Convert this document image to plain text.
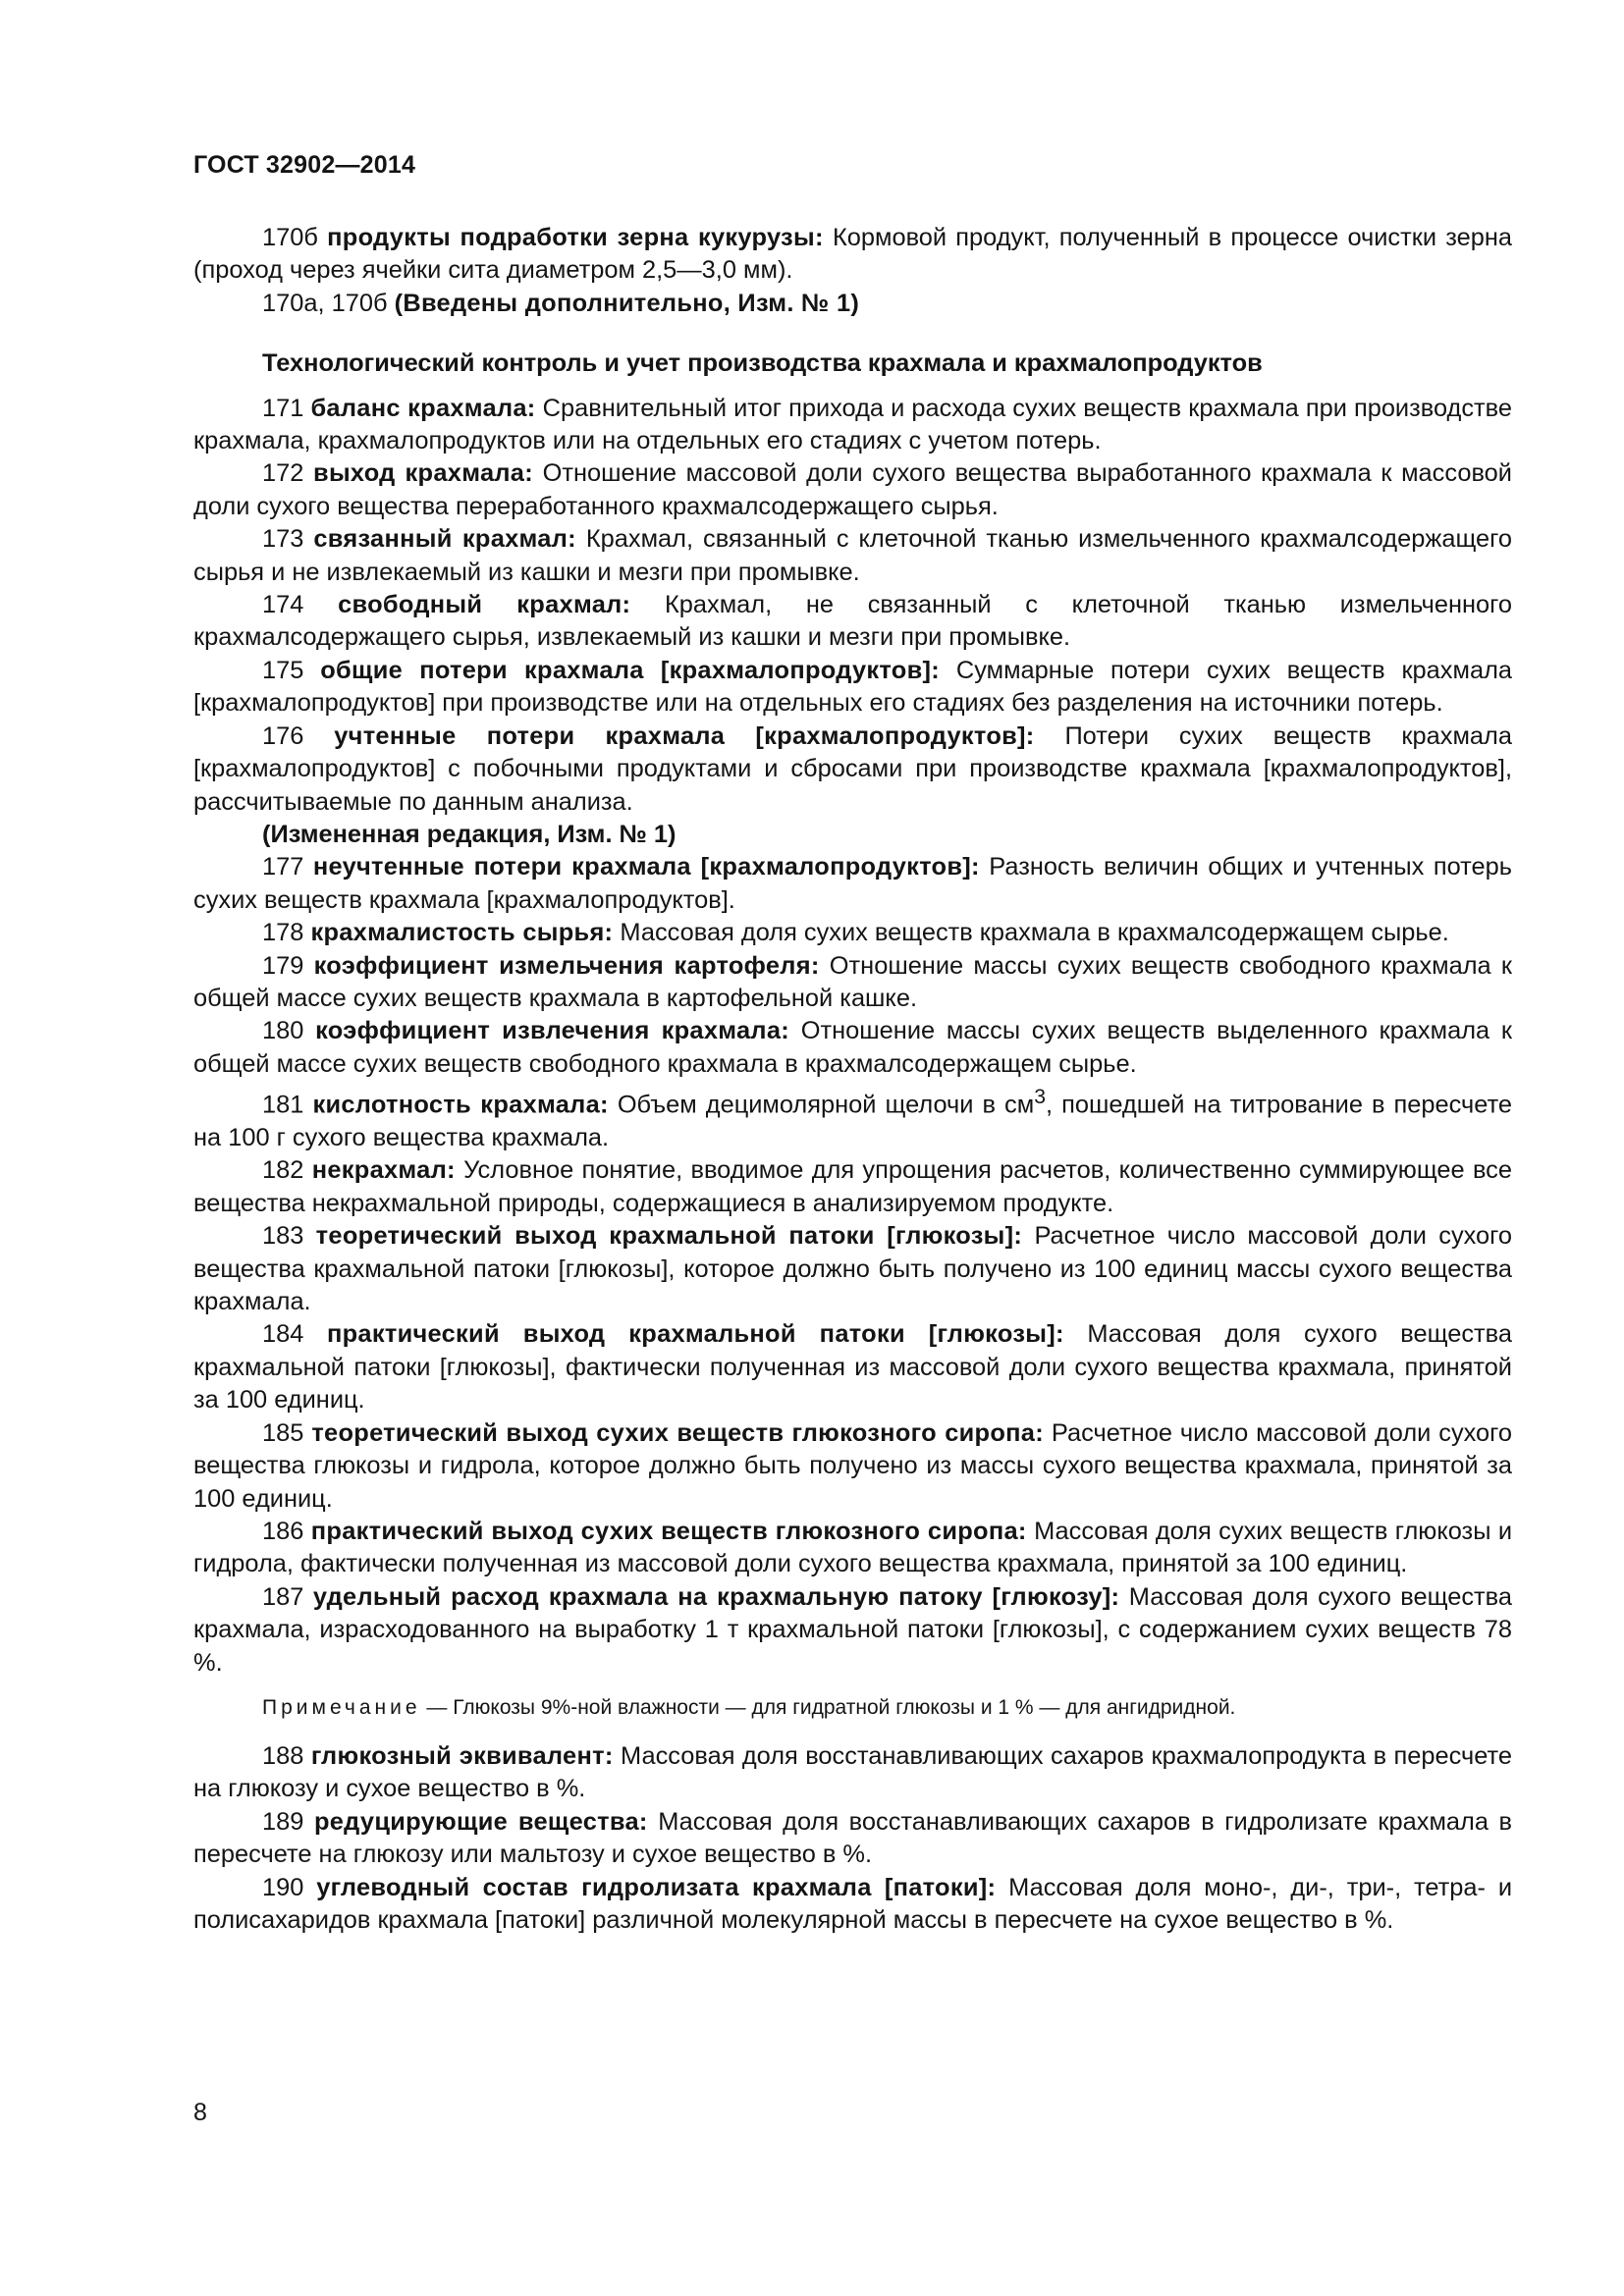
ГОСТ 32902—2014

170б продукты подработки зерна кукурузы: Кормовой продукт, полученный в процессе очистки зерна (проход через ячейки сита диаметром 2,5—3,0 мм).

170а, 170б (Введены дополнительно, Изм. № 1)

Технологический контроль и учет производства крахмала и крахмалопродуктов

171 баланс крахмала: Сравнительный итог прихода и расхода сухих веществ крахмала при производстве крахмала, крахмалопродуктов или на отдельных его стадиях с учетом потерь.

172 выход крахмала: Отношение массовой доли сухого вещества выработанного крахмала к массовой доли сухого вещества переработанного крахмалсодержащего сырья.

173 связанный крахмал: Крахмал, связанный с клеточной тканью измельченного крахмалсодержащего сырья и не извлекаемый из кашки и мезги при промывке.

174 свободный крахмал: Крахмал, не связанный с клеточной тканью измельченного крахмалсодержащего сырья, извлекаемый из кашки и мезги при промывке.

175 общие потери крахмала [крахмалопродуктов]: Суммарные потери сухих веществ крахмала [крахмалопродуктов] при производстве или на отдельных его стадиях без разделения на источники потерь.

176 учтенные потери крахмала [крахмалопродуктов]: Потери сухих веществ крахмала [крахмалопродуктов] с побочными продуктами и сбросами при производстве крахмала [крахмалопродуктов], рассчитываемые по данным анализа.

(Измененная редакция, Изм. № 1)

177 неучтенные потери крахмала [крахмалопродуктов]: Разность величин общих и учтенных потерь сухих веществ крахмала [крахмалопродуктов].

178 крахмалистость сырья: Массовая доля сухих веществ крахмала в крахмалсодержащем сырье.

179 коэффициент измельчения картофеля: Отношение массы сухих веществ свободного крахмала к общей массе сухих веществ крахмала в картофельной кашке.

180 коэффициент извлечения крахмала: Отношение массы сухих веществ выделенного крахмала к общей массе сухих веществ свободного крахмала в крахмалсодержащем сырье.

181 кислотность крахмала: Объем децимолярной щелочи в $см^3$, пошедшей на титрование в пересчете на 100 г сухого вещества крахмала.

182 некрахмал: Условное понятие, вводимое для упрощения расчетов, количественно суммирующее все вещества некрахмальной природы, содержащиеся в анализируемом продукте.

183 теоретический выход крахмальной патоки [глюкозы]: Расчетное число массовой доли сухого вещества крахмальной патоки [глюкозы], которое должно быть получено из 100 единиц массы сухого вещества крахмала.

184 практический выход крахмальной патоки [глюкозы]: Массовая доля сухого вещества крахмальной патоки [глюкозы], фактически полученная из массовой доли сухого вещества крахмала, принятой за 100 единиц.

185 теоретический выход сухих веществ глюкозного сиропа: Расчетное число массовой доли сухого вещества глюкозы и гидрола, которое должно быть получено из массы сухого вещества крахмала, принятой за 100 единиц.

186 практический выход сухих веществ глюкозного сиропа: Массовая доля сухих веществ глюкозы и гидрола, фактически полученная из массовой доли сухого вещества крахмала, принятой за 100 единиц.

187 удельный расход крахмала на крахмальную патоку [глюкозу]: Массовая доля сухого вещества крахмала, израсходованного на выработку 1 т крахмальной патоки [глюкозы], с содержанием сухих веществ 78 %.

Примечание — Глюкозы 9%-ной влажности — для гидратной глюкозы и 1 % — для ангидридной.

188 глюкозный эквивалент: Массовая доля восстанавливающих сахаров крахмалопродукта в пересчете на глюкозу и сухое вещество в %.

189 редуцирующие вещества: Массовая доля восстанавливающих сахаров в гидролизате крахмала в пересчете на глюкозу или мальтозу и сухое вещество в %.

190 углеводный состав гидролизата крахмала [патоки]: Массовая доля моно-, ди-, три-, тетра- и полисахаридов крахмала [патоки] различной молекулярной массы в пересчете на сухое вещество в %.

8
